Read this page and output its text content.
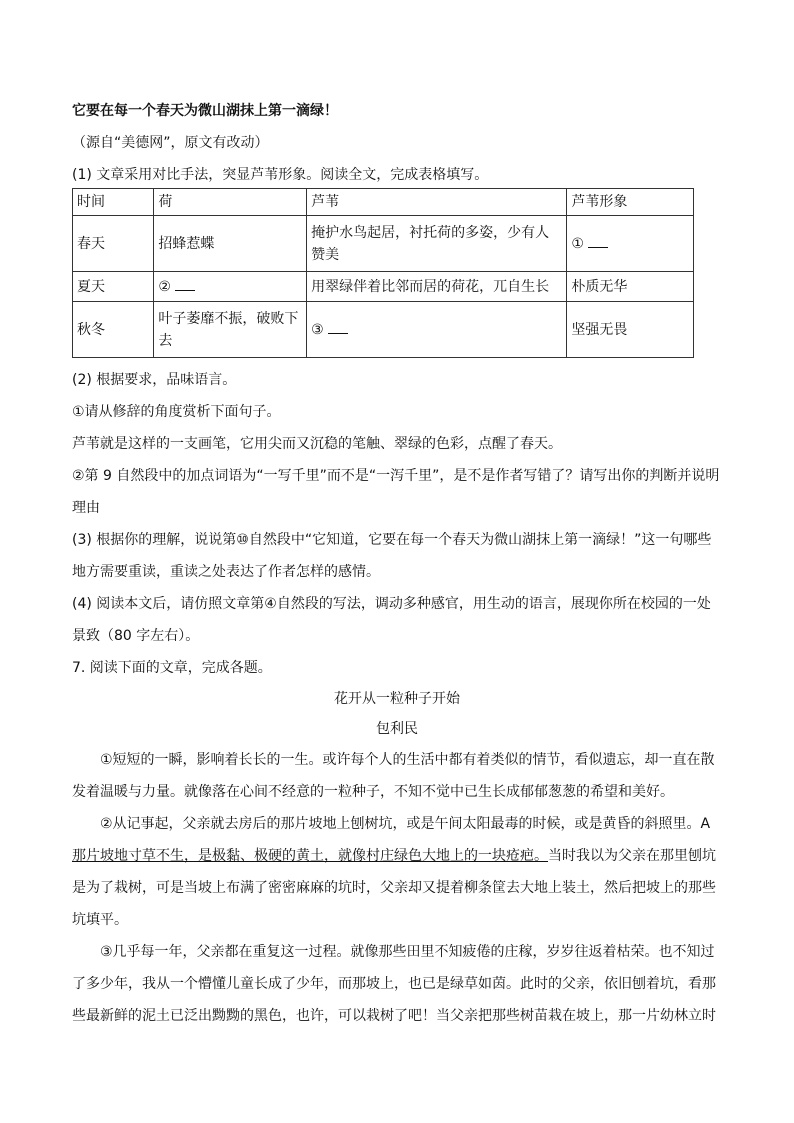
它要在每一个春天为微山湖抹上第一滴绿！

（源自“美德网”，原文有改动）

(1) 文章采用对比手法，突显芦苇形象。阅读全文，完成表格填写。

时间	荷	芦苇	芦苇形象
春天	招蜂惹蝶	掩护水鸟起居，衬托荷的多姿，少有人赞美	①
夏天	②	用翠绿伴着比邻而居的荷花，兀自生长	朴质无华
秋冬	叶子萎靡不振，破败下去	③	坚强无畏

(2) 根据要求，品味语言。

①请从修辞的角度赏析下面句子。

芦苇就是这样的一支画笔，它用尖而又沉稳的笔触、翠绿的色彩，点醒了春天。

②第 9 自然段中的加点词语为“一写千里”而不是“一泻千里”，是不是作者写错了？请写出你的判断并说明理由

(3) 根据你的理解，说说第⑩自然段中“它知道，它要在每一个春天为微山湖抹上第一滴绿！”这一句哪些地方需要重读，重读之处表达了作者怎样的感情。

(4) 阅读本文后，请仿照文章第④自然段的写法，调动多种感官，用生动的语言，展现你所在校园的一处景致（80 字左右）。

7. 阅读下面的文章，完成各题。

花开从一粒种子开始

包利民

①短短的一瞬，影响着长长的一生。或许每个人的生活中都有着类似的情节，看似遗忘，却一直在散发着温暖与力量。就像落在心间不经意的一粒种子，不知不觉中已生长成郁郁葱葱的希望和美好。

②从记事起，父亲就去房后的那片坡地上刨树坑，或是午间太阳最毒的时候，或是黄昏的斜照里。A 那片坡地寸草不生，是极黏、极硬的黄土，就像村庄绿色大地上的一块疮疤。当时我以为父亲在那里刨坑是为了栽树，可是当坡上布满了密密麻麻的坑时，父亲却又提着柳条筐去大地上装土，然后把坡上的那些坑填平。

③几乎每一年，父亲都在重复这一过程。就像那些田里不知疲倦的庄稼，岁岁往返着枯荣。也不知过了多少年，我从一个懵懂儿童长成了少年，而那坡上，也已是绿草如茵。此时的父亲，依旧刨着坑，看那些最新鲜的泥土已泛出黝黝的黑色，也许，可以栽树了吧！当父亲把那些树苗栽在坡上，那一片幼林立时
